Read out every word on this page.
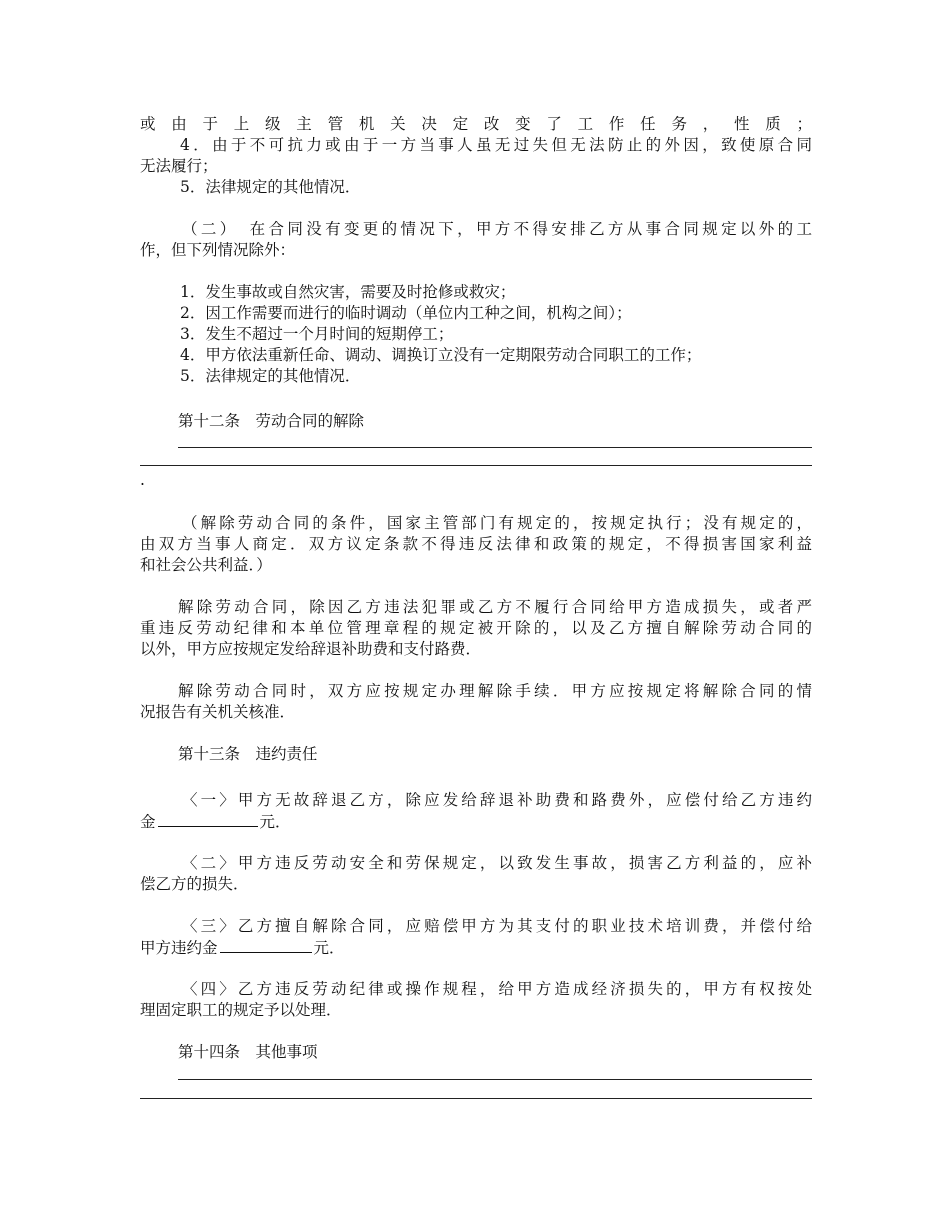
或由于上级主管机关决定改变了工作任务，性质；
4．由于不可抗力或由于一方当事人虽无过失但无法防止的外因，致使原合同
无法履行；
5．法律规定的其他情况．
（二）　在合同没有变更的情况下，甲方不得安排乙方从事合同规定以外的工
作，但下列情况除外：
1．发生事故或自然灾害，需要及时抢修或救灾；
2．因工作需要而进行的临时调动（单位内工种之间，机构之间）；
3．发生不超过一个月时间的短期停工；
4．甲方依法重新任命、调动、调换订立没有一定期限劳动合同职工的工作；
5．法律规定的其他情况．
第十二条　劳动合同的解除
.
（解除劳动合同的条件，国家主管部门有规定的，按规定执行；没有规定的，
由双方当事人商定．双方议定条款不得违反法律和政策的规定，不得损害国家利益
和社会公共利益．）
解除劳动合同，除因乙方违法犯罪或乙方不履行合同给甲方造成损失，或者严
重违反劳动纪律和本单位管理章程的规定被开除的，以及乙方擅自解除劳动合同的
以外，甲方应按规定发给辞退补助费和支付路费．
解除劳动合同时，双方应按规定办理解除手续．甲方应按规定将解除合同的情
况报告有关机关核准．
第十三条　违约责任
〈一〉甲方无故辞退乙方，除应发给辞退补助费和路费外，应偿付给乙方违约
金	元．
〈二〉甲方违反劳动安全和劳保规定，以致发生事故，损害乙方利益的，应补
偿乙方的损失．
〈三〉乙方擅自解除合同，应赔偿甲方为其支付的职业技术培训费，并偿付给
甲方违约金	元．
〈四〉乙方违反劳动纪律或操作规程，给甲方造成经济损失的，甲方有权按处
理固定职工的规定予以处理．
第十四条　其他事项
